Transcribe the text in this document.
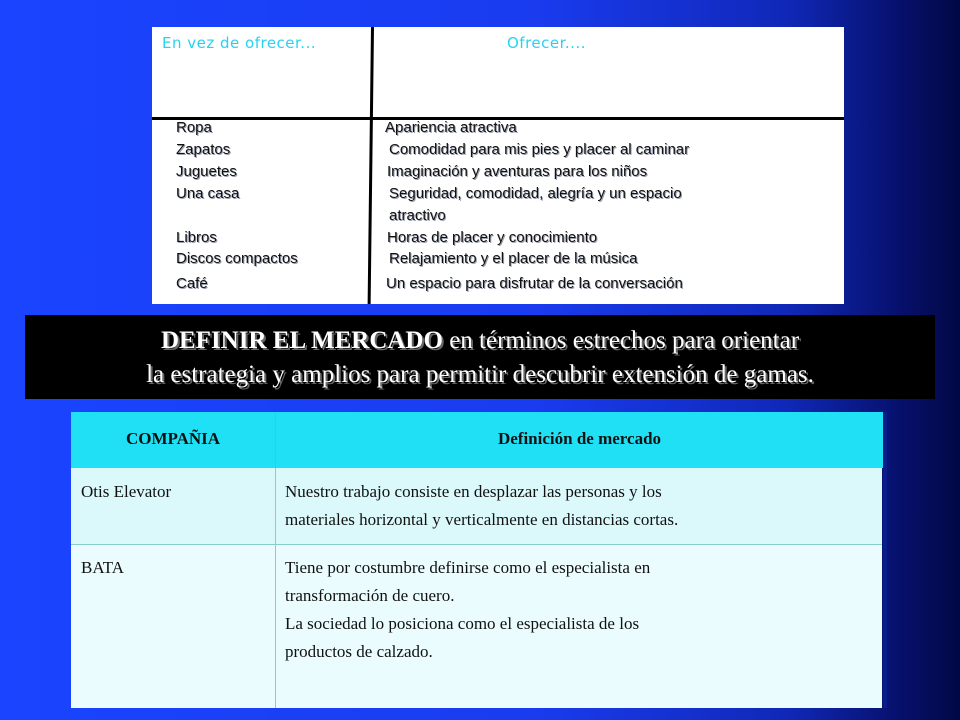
En vez de ofrecer...	Ofrecer....
Ropa	Apariencia atractiva
Zapatos	Comodidad para mis pies y placer al caminar
Juguetes	Imaginación y aventuras para los niños
Una casa	Seguridad, comodidad, alegría y un espacio
atractivo
Libros	Horas de placer y conocimiento
Discos compactos	Relajamiento y el placer de la música
Café	Un espacio para disfrutar de la conversación
DEFINIR EL MERCADO en términos estrechos para orientar
la estrategia y amplios para permitir descubrir extensión de gamas.
COMPAÑIA	Definición de mercado
Otis Elevator	Nuestro trabajo consiste en desplazar las personas y los
materiales horizontal y verticalmente en distancias cortas.
BATA	Tiene por costumbre definirse como el especialista en
transformación de cuero.
La sociedad lo posiciona como el especialista de los
productos de calzado.
